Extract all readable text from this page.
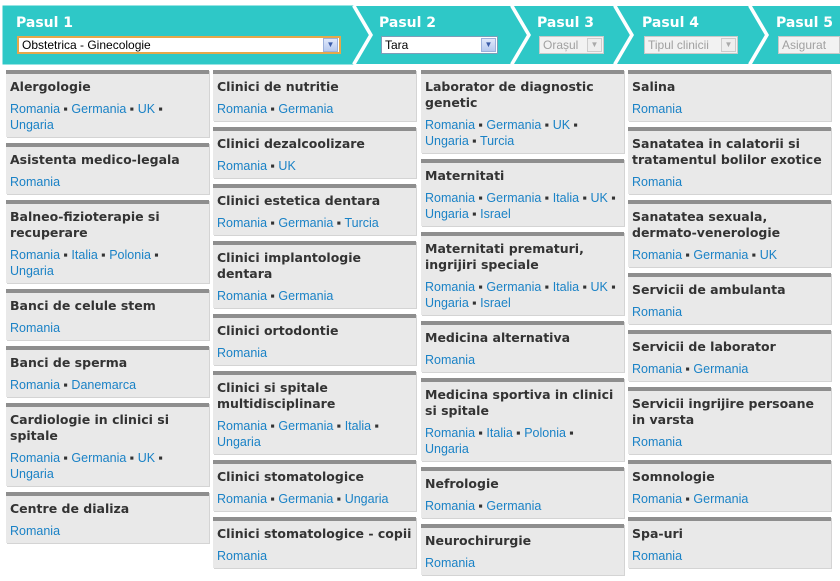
Pasul 1
Obstetrica - Ginecologie	▼
Pasul 2
Tara	▼
Pasul 3
Orașul	▼
Pasul 4
Tipul clinicii	▼
Pasul 5
Asigurat
Alergologie
Romania ▪ Germania ▪ UK ▪ Ungaria
Asistenta medico-legala
Romania
Balneo-fizioterapie si recuperare
Romania ▪ Italia ▪ Polonia ▪ Ungaria
Banci de celule stem
Romania
Banci de sperma
Romania ▪ Danemarca
Cardiologie in clinici si spitale
Romania ▪ Germania ▪ UK ▪ Ungaria
Centre de dializa
Romania
Clinici de nutritie
Romania ▪ Germania
Clinici dezalcoolizare
Romania ▪ UK
Clinici estetica dentara
Romania ▪ Germania ▪ Turcia
Clinici implantologie dentara
Romania ▪ Germania
Clinici ortodontie
Romania
Clinici si spitale multidisciplinare
Romania ▪ Germania ▪ Italia ▪ Ungaria
Clinici stomatologice
Romania ▪ Germania ▪ Ungaria
Clinici stomatologice - copii
Romania
Laborator de diagnostic genetic
Romania ▪ Germania ▪ UK ▪ Ungaria ▪ Turcia
Maternitati
Romania ▪ Germania ▪ Italia ▪ UK ▪ Ungaria ▪ Israel
Maternitati prematuri, ingrijiri speciale
Romania ▪ Germania ▪ Italia ▪ UK ▪ Ungaria ▪ Israel
Medicina alternativa
Romania
Medicina sportiva in clinici si spitale
Romania ▪ Italia ▪ Polonia ▪ Ungaria
Nefrologie
Romania ▪ Germania
Neurochirurgie
Romania
Salina
Romania
Sanatatea in calatorii si tratamentul bolilor exotice
Romania
Sanatatea sexuala, dermato-venerologie
Romania ▪ Germania ▪ UK
Servicii de ambulanta
Romania
Servicii de laborator
Romania ▪ Germania
Servicii ingrijire persoane in varsta
Romania
Somnologie
Romania ▪ Germania
Spa-uri
Romania
